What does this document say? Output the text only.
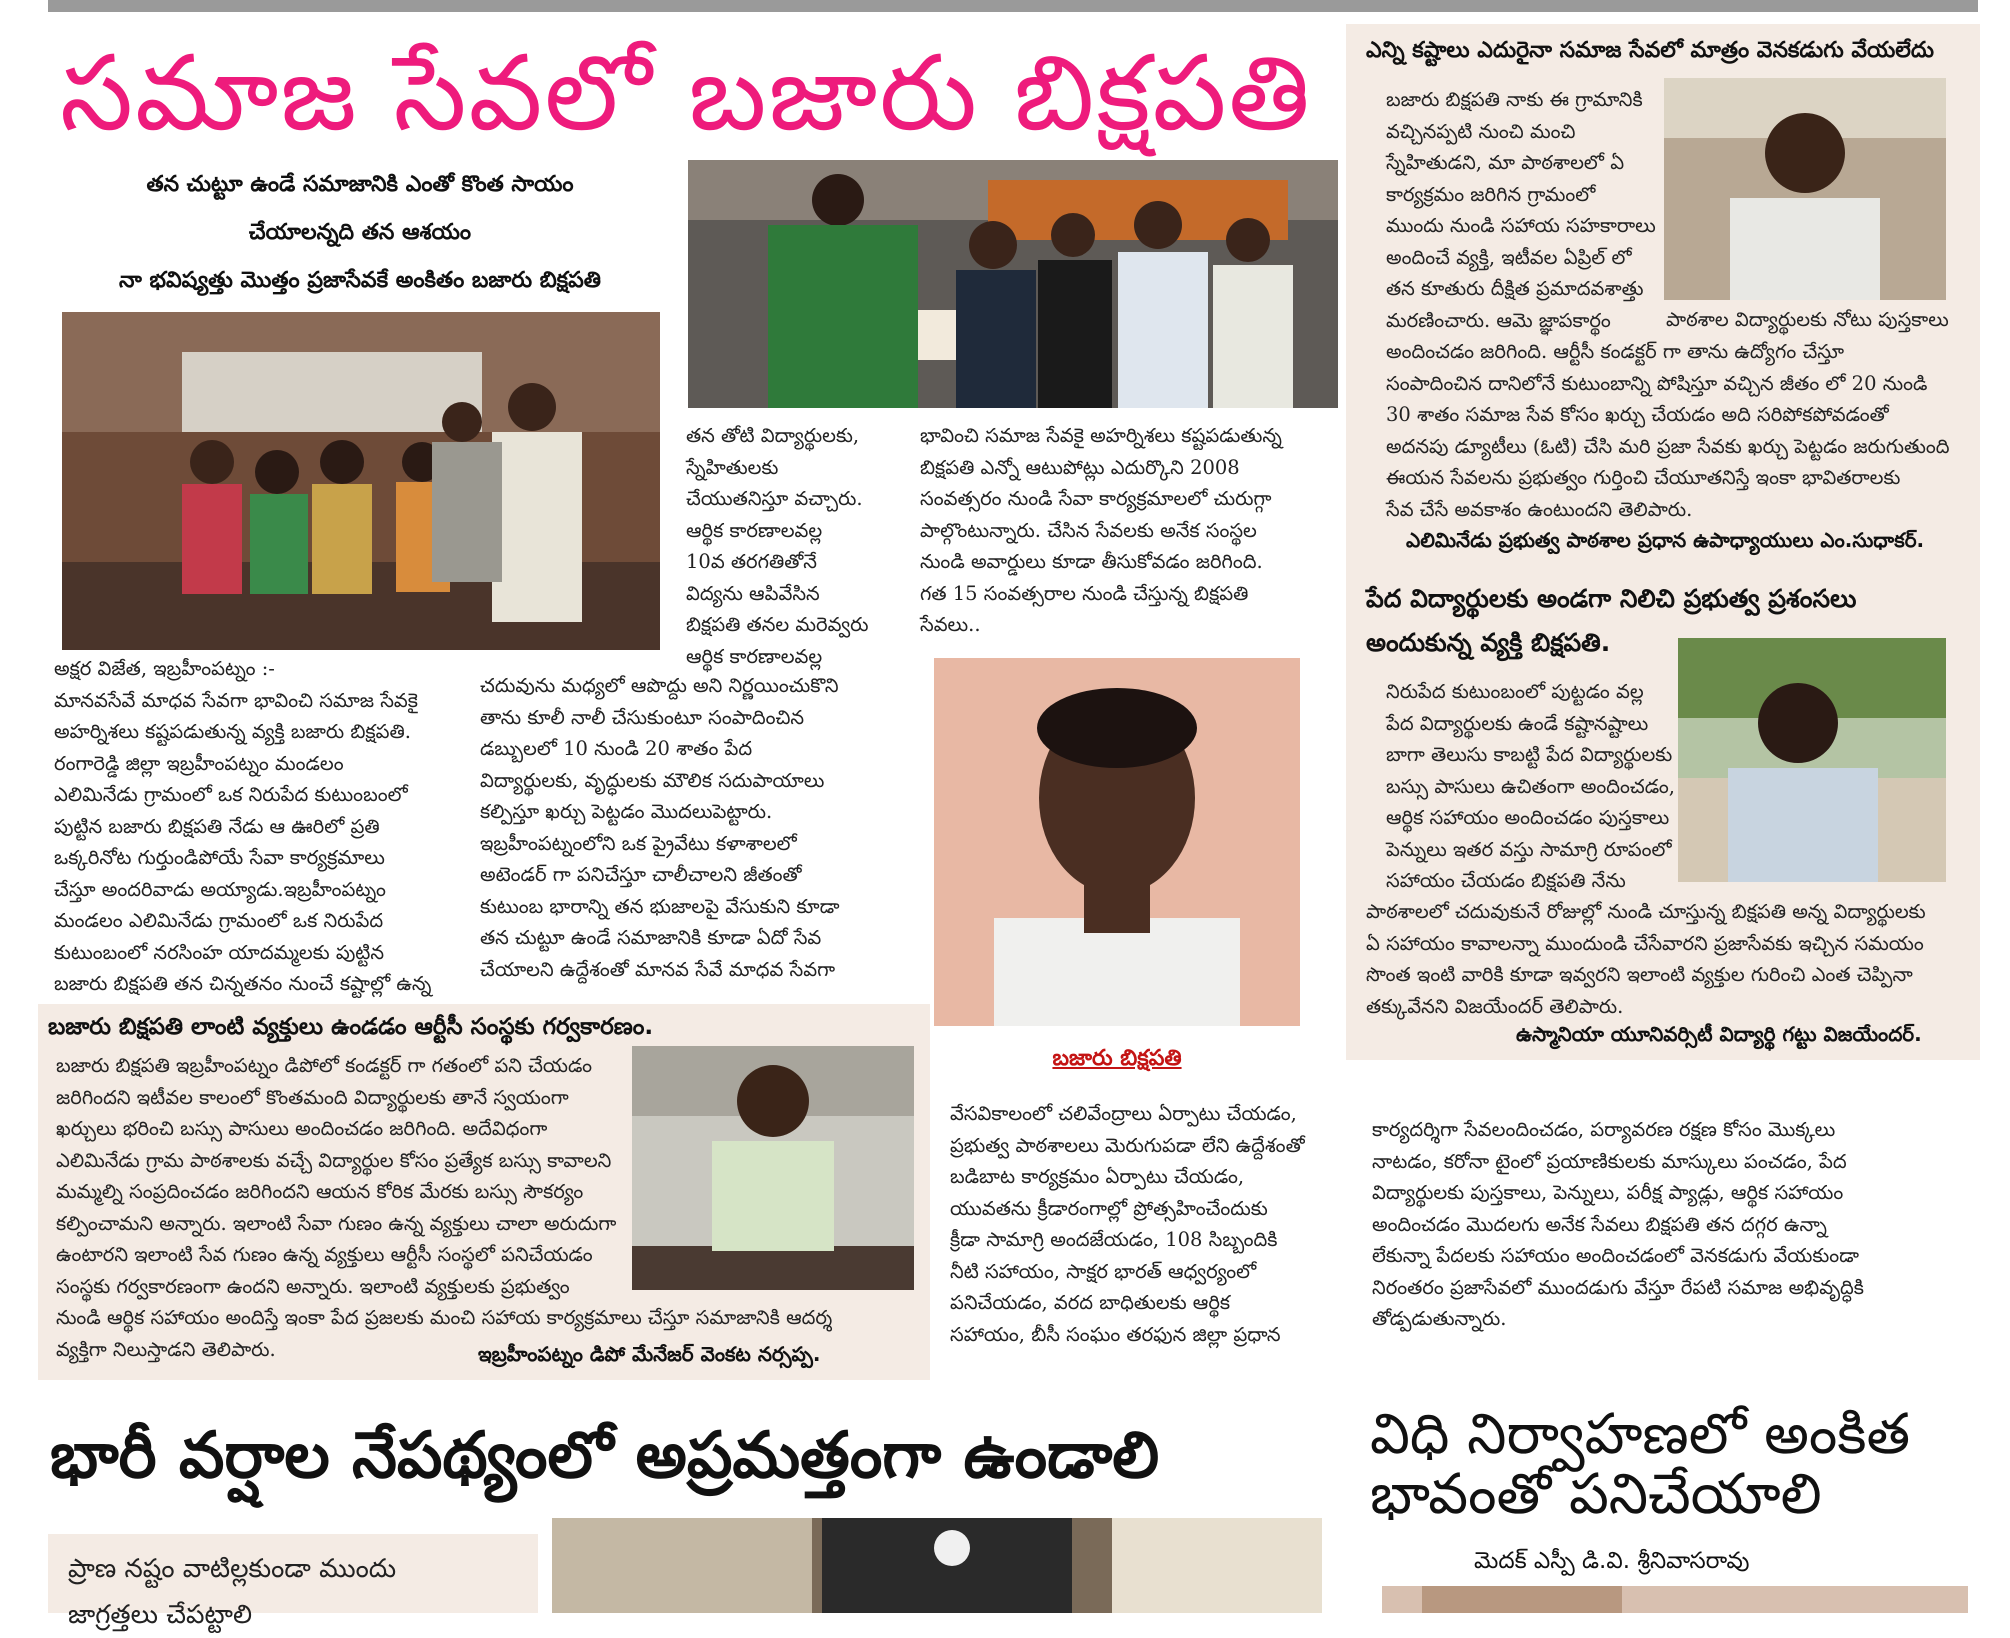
సమాజ సేవలో బజారు బిక్షపతి
తన చుట్టూ ఉండే సమాజానికి ఎంతో కొంత సాయం
చేయాలన్నది తన ఆశయం
నా భవిష్యత్తు మొత్తం ప్రజాసేవకే అంకితం బజారు బిక్షపతి

అక్షర విజేత, ఇబ్రహీంపట్నం :-

మానవసేవే మాధవ సేవగా భావించి సమాజ సేవకై

అహర్నిశలు కష్టపడుతున్న వ్యక్తి బజారు బిక్షపతి.

రంగారెడ్డి జిల్లా ఇబ్రహీంపట్నం మండలం

ఎలిమినేడు గ్రామంలో ఒక నిరుపేద కుటుంబంలో

పుట్టిన బజారు బిక్షపతి నేడు ఆ ఊరిలో ప్రతి

ఒక్కరినోట గుర్తుండిపోయే సేవా కార్యక్రమాలు

చేస్తూ అందరివాడు అయ్యాడు.ఇబ్రహీంపట్నం

మండలం ఎలిమినేడు గ్రామంలో ఒక నిరుపేద

కుటుంబంలో నరసింహ యాదమ్మలకు పుట్టిన

బజారు బిక్షపతి తన చిన్నతనం నుంచే కష్టాల్లో ఉన్న

తన తోటి విద్యార్థులకు,

స్నేహితులకు

చేయుతనిస్తూ వచ్చారు.

ఆర్థిక కారణాలవల్ల

10వ తరగతితోనే

విద్యను ఆపివేసిన

బిక్షపతి తనల మరెవ్వరు

ఆర్థిక కారణాలవల్ల

చదువును మధ్యలో ఆపొద్దు అని నిర్ణయించుకొని

తాను కూలీ నాలీ చేసుకుంటూ సంపాదించిన

డబ్బులలో 10 నుండి 20 శాతం పేద

విద్యార్థులకు, వృద్ధులకు మౌలిక సదుపాయాలు

కల్పిస్తూ ఖర్చు పెట్టడం మొదలుపెట్టారు.

ఇబ్రహీంపట్నంలోని ఒక ప్రైవేటు కళాశాలలో

అటెండర్ గా పనిచేస్తూ చాలీచాలని జీతంతో

కుటుంబ భారాన్ని తన భుజాలపై వేసుకుని కూడా

తన చుట్టూ ఉండే సమాజానికి కూడా ఏదో సేవ

చేయాలని ఉద్దేశంతో మానవ సేవే మాధవ సేవగా

భావించి సమాజ సేవకై అహర్నిశలు కష్టపడుతున్న

బిక్షపతి ఎన్నో ఆటుపోట్లు ఎదుర్కొని 2008

సంవత్సరం నుండి సేవా కార్యక్రమాలలో చురుగ్గా

పాల్గొంటున్నారు. చేసిన సేవలకు అనేక సంస్థల

నుండి అవార్డులు కూడా తీసుకోవడం జరిగింది.

గత 15 సంవత్సరాల నుండి చేస్తున్న బిక్షపతి

సేవలు..

బజారు బిక్షపతి

వేసవికాలంలో చలివేంద్రాలు ఏర్పాటు చేయడం,

ప్రభుత్వ పాఠశాలలు మెరుగుపడా లేని ఉద్దేశంతో

బడిబాట కార్యక్రమం ఏర్పాటు చేయడం,

యువతను క్రీడారంగాల్లో ప్రోత్సహించేందుకు

క్రీడా సామాగ్రి అందజేయడం, 108 సిబ్బందికి

నీటి సహాయం, సాక్షర భారత్ ఆధ్వర్యంలో

పనిచేయడం, వరద బాధితులకు ఆర్థిక

సహాయం, బీసీ సంఘం తరఫున జిల్లా ప్రధాన

కార్యదర్శిగా సేవలందించడం, పర్యావరణ రక్షణ కోసం మొక్కలు

నాటడం, కరోనా టైంలో ప్రయాణికులకు మాస్కులు పంచడం, పేద

విద్యార్థులకు పుస్తకాలు, పెన్నులు, పరీక్ష ప్యాడ్లు, ఆర్థిక సహాయం

అందించడం మొదలగు అనేక సేవలు బిక్షపతి తన దగ్గర ఉన్నా

లేకున్నా పేదలకు సహాయం అందించడంలో వెనకడుగు వేయకుండా

నిరంతరం ప్రజాసేవలో ముందడుగు వేస్తూ రేపటి సమాజ అభివృద్ధికి

తోడ్పడుతున్నారు.

బజారు బిక్షపతి లాంటి వ్యక్తులు ఉండడం ఆర్టీసీ సంస్థకు గర్వకారణం.

బజారు బిక్షపతి ఇబ్రహీంపట్నం డిపోలో కండక్టర్ గా గతంలో పని చేయడం

జరిగిందని ఇటీవల కాలంలో కొంతమంది విద్యార్థులకు తానే స్వయంగా

ఖర్చులు భరించి బస్సు పాసులు అందించడం జరిగింది. అదేవిధంగా

ఎలిమినేడు గ్రామ పాఠశాలకు వచ్చే విద్యార్థుల కోసం ప్రత్యేక బస్సు కావాలని

మమ్మల్ని సంప్రదించడం జరిగిందని ఆయన కోరిక మేరకు బస్సు సౌకర్యం

కల్పించామని అన్నారు. ఇలాంటి సేవా గుణం ఉన్న వ్యక్తులు చాలా అరుదుగా

ఉంటారని ఇలాంటి సేవ గుణం ఉన్న వ్యక్తులు ఆర్టీసీ సంస్థలో పనిచేయడం

సంస్థకు గర్వకారణంగా ఉందని అన్నారు. ఇలాంటి వ్యక్తులకు ప్రభుత్వం

నుండి ఆర్థిక సహాయం అందిస్తే ఇంకా పేద ప్రజలకు మంచి సహాయ కార్యక్రమాలు చేస్తూ సమాజానికి ఆదర్శ

వ్యక్తిగా నిలుస్తాడని తెలిపారు.	ఇబ్రహీంపట్నం డిపో మేనేజర్ వెంకట నర్సప్ప.
ఎన్ని కష్టాలు ఎదురైనా సమాజ సేవలో మాత్రం వెనకడుగు వేయలేదు

బజారు బిక్షపతి నాకు ఈ గ్రామానికి

వచ్చినప్పటి నుంచి మంచి

స్నేహితుడని, మా పాఠశాలలో ఏ

కార్యక్రమం జరిగిన గ్రామంలో

ముందు నుండి సహాయ సహకారాలు

అందించే వ్యక్తి, ఇటీవల ఏప్రిల్ లో

తన కూతురు దీక్షిత ప్రమాదవశాత్తు

మరణించారు. ఆమె జ్ఞాపకార్థం	పాఠశాల విద్యార్థులకు నోటు పుస్తకాలు

అందించడం జరిగింది. ఆర్టీసీ కండక్టర్ గా తాను ఉద్యోగం చేస్తూ

సంపాదించిన దానిలోనే కుటుంబాన్ని పోషిస్తూ వచ్చిన జీతం లో 20 నుండి

30 శాతం సమాజ సేవ కోసం ఖర్చు చేయడం అది సరిపోకపోవడంతో

అదనపు డ్యూటీలు (ఓటి) చేసి మరి ప్రజా సేవకు ఖర్చు పెట్టడం జరుగుతుంది

ఈయన సేవలను ప్రభుత్వం గుర్తించి చేయూతనిస్తే ఇంకా భావితరాలకు

సేవ చేసే అవకాశం ఉంటుందని తెలిపారు.

ఎలిమినేడు ప్రభుత్వ పాఠశాల ప్రధాన ఉపాధ్యాయులు ఎం.సుధాకర్.
పేద విద్యార్థులకు అండగా నిలిచి ప్రభుత్వ ప్రశంసలు
అందుకున్న వ్యక్తి బిక్షపతి.

నిరుపేద కుటుంబంలో పుట్టడం వల్ల

పేద విద్యార్థులకు ఉండే కష్టానష్టాలు

బాగా తెలుసు కాబట్టి పేద విద్యార్థులకు

బస్సు పాసులు ఉచితంగా అందించడం,

ఆర్థిక సహాయం అందించడం పుస్తకాలు

పెన్నులు ఇతర వస్తు సామాగ్రి రూపంలో

సహాయం చేయడం బిక్షపతి నేను

పాఠశాలలో చదువుకునే రోజుల్లో నుండి చూస్తున్న బిక్షపతి అన్న విద్యార్థులకు

ఏ సహాయం కావాలన్నా ముందుండి చేసేవారని ప్రజాసేవకు ఇచ్చిన సమయం

సొంత ఇంటి వారికి కూడా ఇవ్వరని ఇలాంటి వ్యక్తుల గురించి ఎంత చెప్పినా

తక్కువేనని విజయేందర్ తెలిపారు.

ఉస్మానియా యూనివర్సిటీ విద్యార్థి గట్టు విజయేందర్.
భారీ వర్షాల నేపథ్యంలో అప్రమత్తంగా ఉండాలి

ప్రాణ నష్టం వాటిల్లకుండా ముందు

జాగ్రత్తలు చేపట్టాలి

విధి నిర్వాహణలో అంకిత
భావంతో పనిచేయాలి
మెదక్ ఎస్పీ డి.వి. శ్రీనివాసరావు
